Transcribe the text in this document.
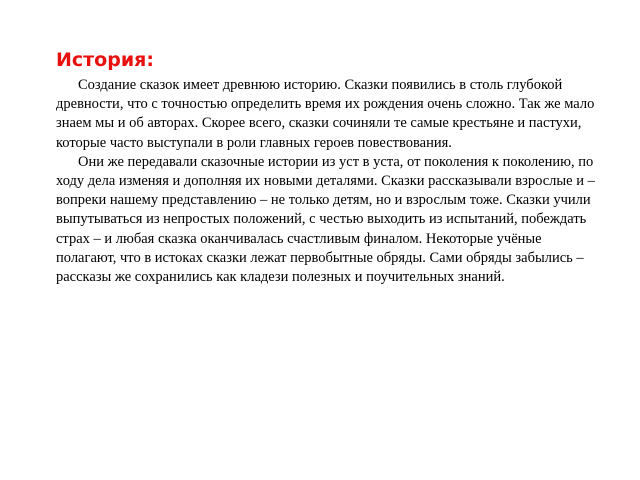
История:

Создание сказок имеет древнюю историю. Сказки появились в столь глубокой древности, что с точностью определить время их рождения очень сложно. Так же мало знаем мы и об авторах. Скорее всего, сказки сочиняли те самые крестьяне и пастухи, которые часто выступали в роли главных героев повествования.

Они же передавали сказочные истории из уст в уста, от поколения к поколению, по ходу дела изменяя и дополняя их новыми деталями. Сказки рассказывали взрослые и – вопреки нашему представлению – не только детям, но и взрослым тоже. Сказки учили выпутываться из непростых положений, с честью выходить из испытаний, побеждать страх – и любая сказка оканчивалась счастливым финалом. Некоторые учёные полагают, что в истоках сказки лежат первобытные обряды. Сами обряды забылись – рассказы же сохранились как кладези полезных и поучительных знаний.
